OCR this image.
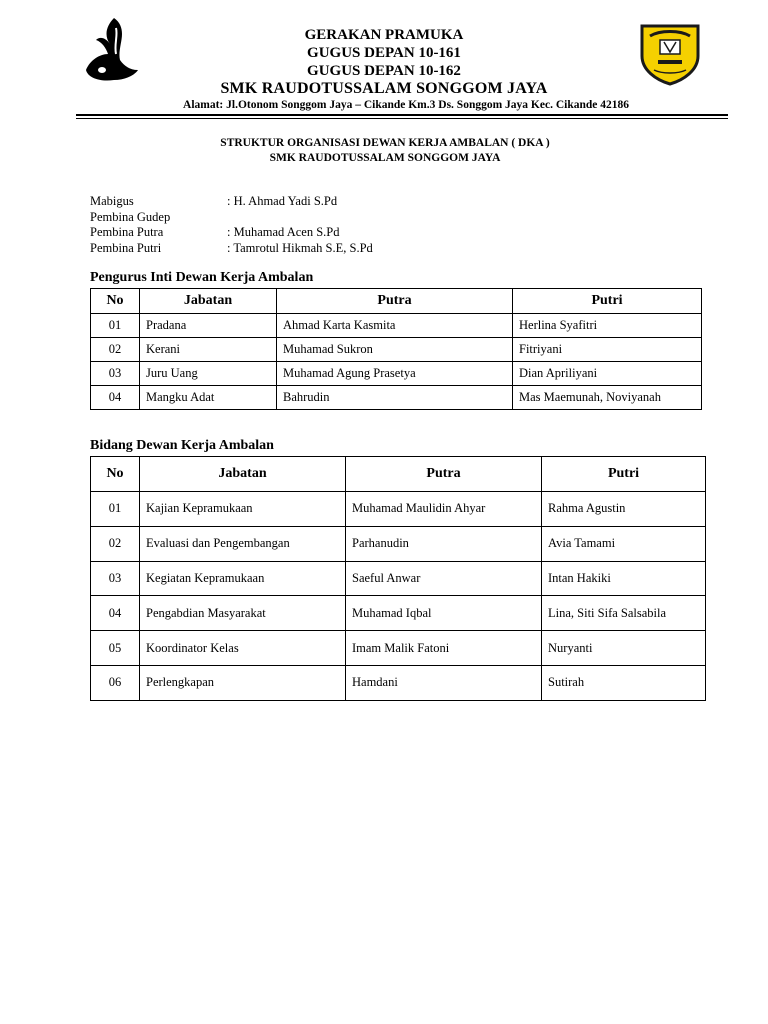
GERAKAN PRAMUKA
GUGUS DEPAN 10-161
GUGUS DEPAN 10-162
SMK RAUDOTUSSALAM SONGGOM JAYA
Alamat: Jl.Otonom Songgom Jaya – Cikande Km.3 Ds. Songgom Jaya Kec. Cikande 42186
STRUKTUR ORGANISASI DEWAN KERJA AMBALAN ( DKA )
SMK RAUDOTUSSALAM SONGGOM JAYA
Mabigus	: H. Ahmad Yadi S.Pd
Pembina Gudep
Pembina Putra	: Muhamad Acen S.Pd
Pembina Putri	: Tamrotul Hikmah S.E, S.Pd
Pengurus Inti Dewan Kerja Ambalan
No	Jabatan	Putra	Putri
01	Pradana	Ahmad Karta Kasmita	Herlina Syafitri
02	Kerani	Muhamad Sukron	Fitriyani
03	Juru Uang	Muhamad Agung Prasetya	Dian Apriliyani
04	Mangku Adat	Bahrudin	Mas Maemunah, Noviyanah
Bidang Dewan Kerja Ambalan
No	Jabatan	Putra	Putri
01	Kajian Kepramukaan	Muhamad Maulidin Ahyar	Rahma Agustin
02	Evaluasi dan Pengembangan	Parhanudin	Avia Tamami
03	Kegiatan Kepramukaan	Saeful Anwar	Intan Hakiki
04	Pengabdian Masyarakat	Muhamad Iqbal	Lina, Siti Sifa Salsabila
05	Koordinator Kelas	Imam Malik Fatoni	Nuryanti
06	Perlengkapan	Hamdani	Sutirah
